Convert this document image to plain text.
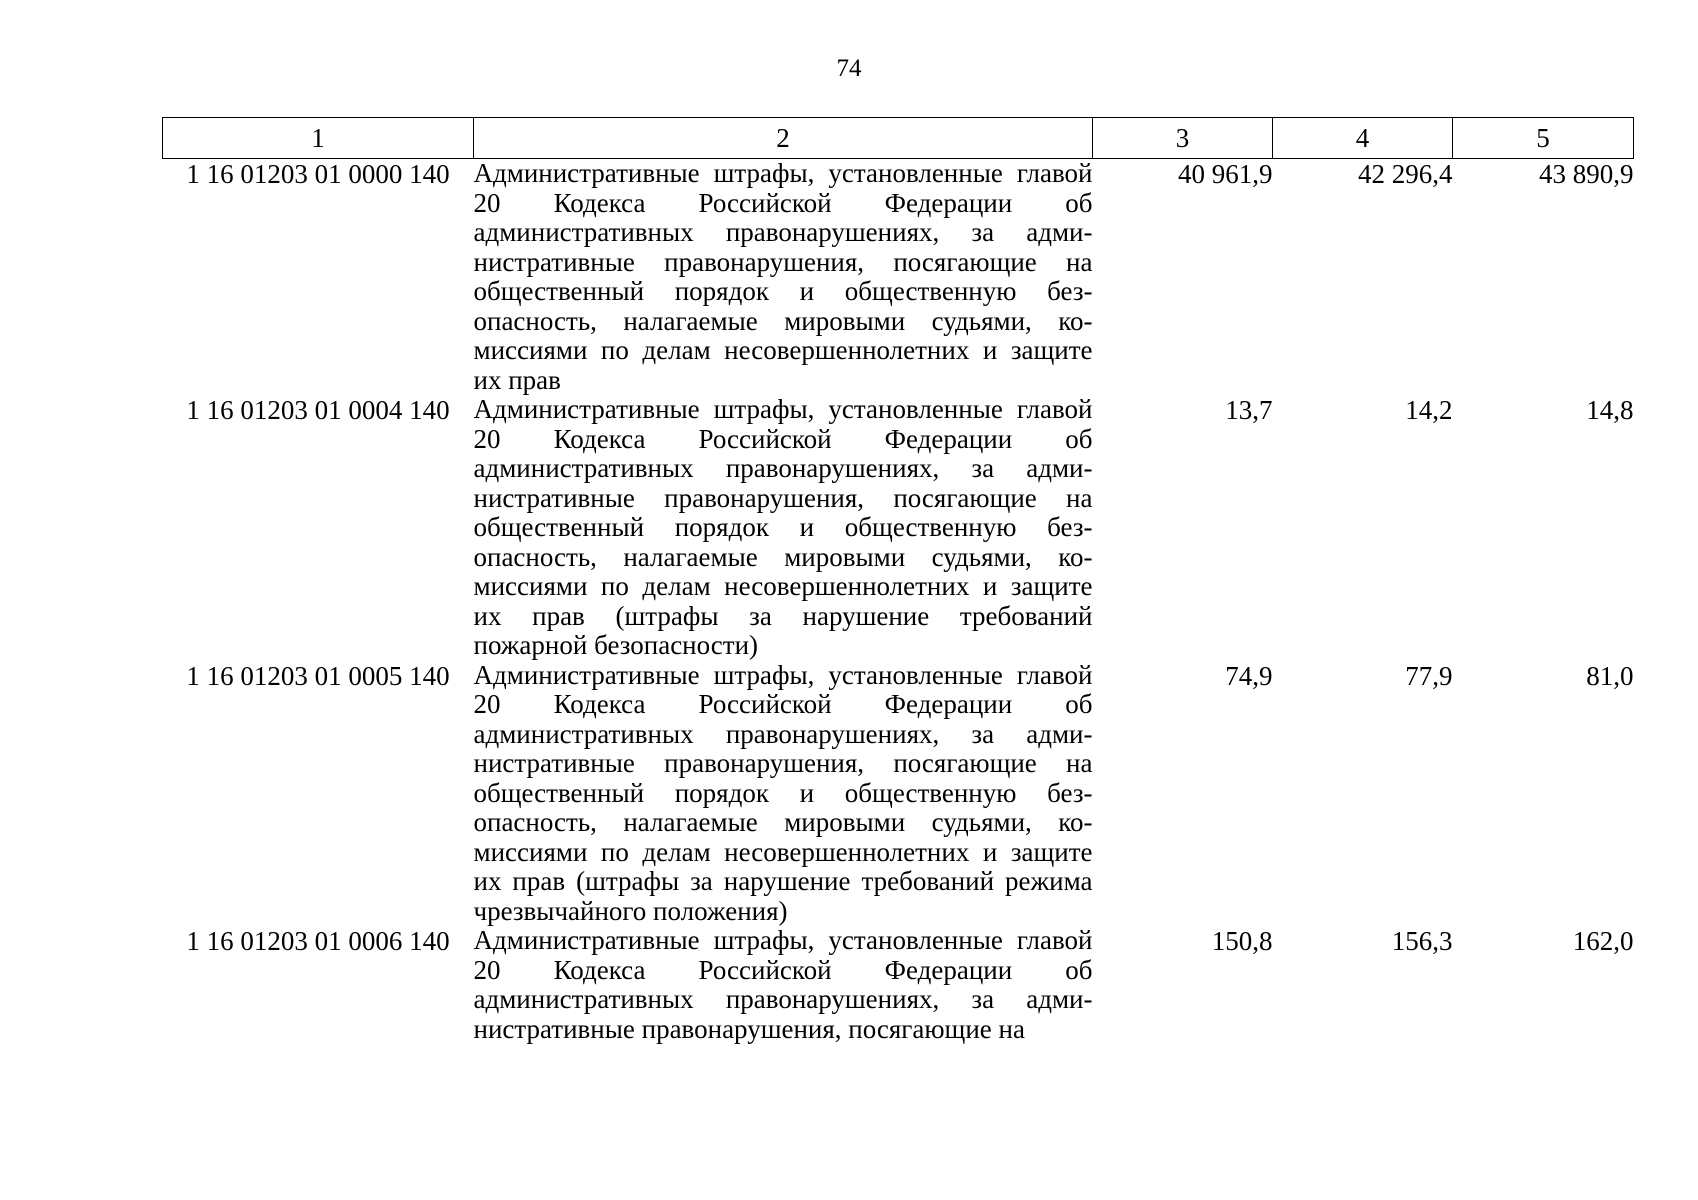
74
1	2	3	4	5
1 16 01203 01 0000 140	Административные штрафы, установленные главой 20 Кодекса Российской Федерации об административных правонарушениях, за административные правонарушения, посягающие на общественный порядок и общественную безопасность, налагаемые мировыми судьями, комиссиями по делам несовершеннолетних и защите их прав	40 961,9	42 296,4	43 890,9
1 16 01203 01 0004 140	Административные штрафы, установленные главой 20 Кодекса Российской Федерации об административных правонарушениях, за административные правонарушения, посягающие на общественный порядок и общественную безопасность, налагаемые мировыми судьями, комиссиями по делам несовершеннолетних и защите их прав (штрафы за нарушение требований пожарной безопасности)	13,7	14,2	14,8
1 16 01203 01 0005 140	Административные штрафы, установленные главой 20 Кодекса Российской Федерации об административных правонарушениях, за административные правонарушения, посягающие на общественный порядок и общественную безопасность, налагаемые мировыми судьями, комиссиями по делам несовершеннолетних и защите их прав (штрафы за нарушение требований режима чрезвычайного положения)	74,9	77,9	81,0
1 16 01203 01 0006 140	Административные штрафы, установленные главой 20 Кодекса Российской Федерации об административных правонарушениях, за административные правонарушения, посягающие на	150,8	156,3	162,0
